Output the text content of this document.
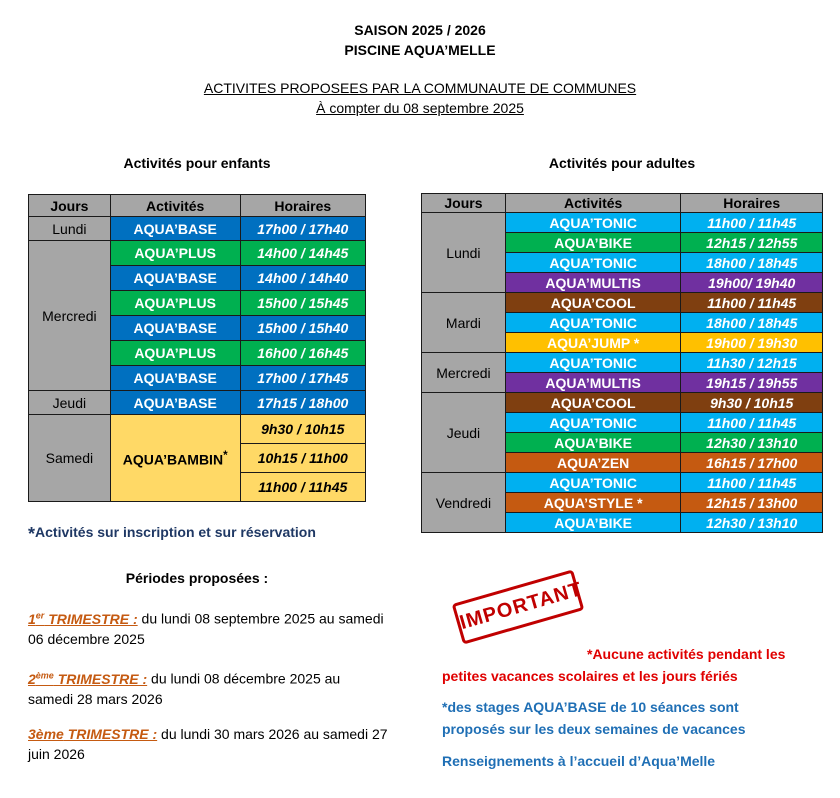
SAISON 2025 / 2026
PISCINE AQUA’MELLE
ACTIVITES PROPOSEES PAR LA COMMUNAUTE DE COMMUNES
À compter du 08 septembre 2025
Activités pour enfants	Activités pour adultes
Jours	Activités	Horaires
Lundi	AQUA’BASE	17h00 / 17h40
Mercredi	AQUA’PLUS	14h00 / 14h45
	AQUA’BASE	14h00 / 14h40
	AQUA’PLUS	15h00 / 15h45
	AQUA’BASE	15h00 / 15h40
	AQUA’PLUS	16h00 / 16h45
	AQUA’BASE	17h00 / 17h45
Jeudi	AQUA’BASE	17h15 / 18h00
Samedi	AQUA’BAMBIN*	9h30 / 10h15
		10h15 / 11h00
		11h00 / 11h45
Jours	Activités	Horaires
Lundi	AQUA’TONIC	11h00 / 11h45
	AQUA’BIKE	12h15 / 12h55
	AQUA’TONIC	18h00 / 18h45
	AQUA’MULTIS	19h00/ 19h40
Mardi	AQUA’COOL	11h00 / 11h45
	AQUA’TONIC	18h00 / 18h45
	AQUA’JUMP *	19h00 / 19h30
Mercredi	AQUA’TONIC	11h30 / 12h15
	AQUA’MULTIS	19h15 / 19h55
Jeudi	AQUA’COOL	9h30 / 10h15
	AQUA’TONIC	11h00 / 11h45
	AQUA’BIKE	12h30 / 13h10
	AQUA’ZEN	16h15 / 17h00
Vendredi	AQUA’TONIC	11h00 / 11h45
	AQUA’STYLE *	12h15 / 13h00
	AQUA’BIKE	12h30 / 13h10
*Activités sur inscription et sur réservation
Périodes proposées :
1er TRIMESTRE : du lundi 08 septembre 2025 au samedi 06 décembre 2025
2ème TRIMESTRE : du lundi 08 décembre 2025 au samedi 28 mars 2026
3ème TRIMESTRE : du lundi 30 mars 2026 au samedi 27 juin 2026
IMPORTANT
*Aucune activités pendant les
petites vacances scolaires et les jours fériés
*des stages AQUA’BASE de 10 séances sont
proposés sur les deux semaines de vacances
Renseignements à l’accueil d’Aqua’Melle
